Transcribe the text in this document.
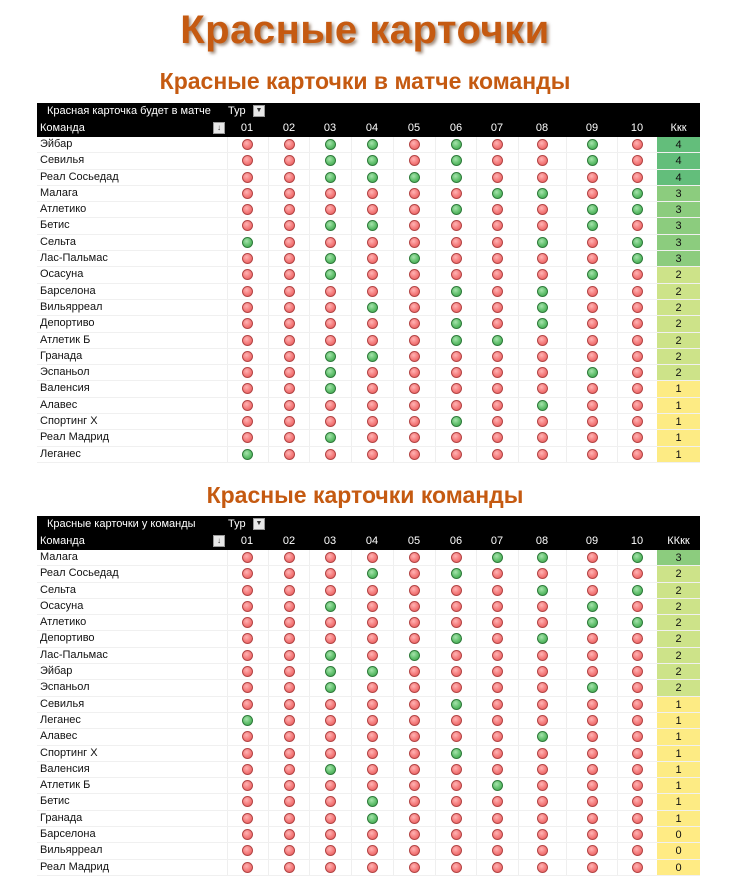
Красные карточки
Красные карточки в матче команды
Красная карточка будет в матче Тур	▼
Команда	↓	01	02	03	04	05	06	07	08	09	10	Ккк
Эйбар	4
Севилья	4
Реал Сосьедад	4
Малага	3
Атлетико	3
Бетис	3
Сельта	3
Лас-Пальмас	3
Осасуна	2
Барселона	2
Вильярреал	2
Депортиво	2
Атлетик Б	2
Гранада	2
Эспаньол	2
Валенсия	1
Алавес	1
Спортинг Х	1
Реал Мадрид	1
Леганес	1
Красные карточки команды
Красные карточки у команды	Тур	▼
Команда	↓	01	02	03	04	05	06	07	08	09	10	ККкк
Малага	3
Реал Сосьедад	2
Сельта	2
Осасуна	2
Атлетико	2
Депортиво	2
Лас-Пальмас	2
Эйбар	2
Эспаньол	2
Севилья	1
Леганес	1
Алавес	1
Спортинг Х	1
Валенсия	1
Атлетик Б	1
Бетис	1
Гранада	1
Барселона	0
Вильярреал	0
Реал Мадрид	0
